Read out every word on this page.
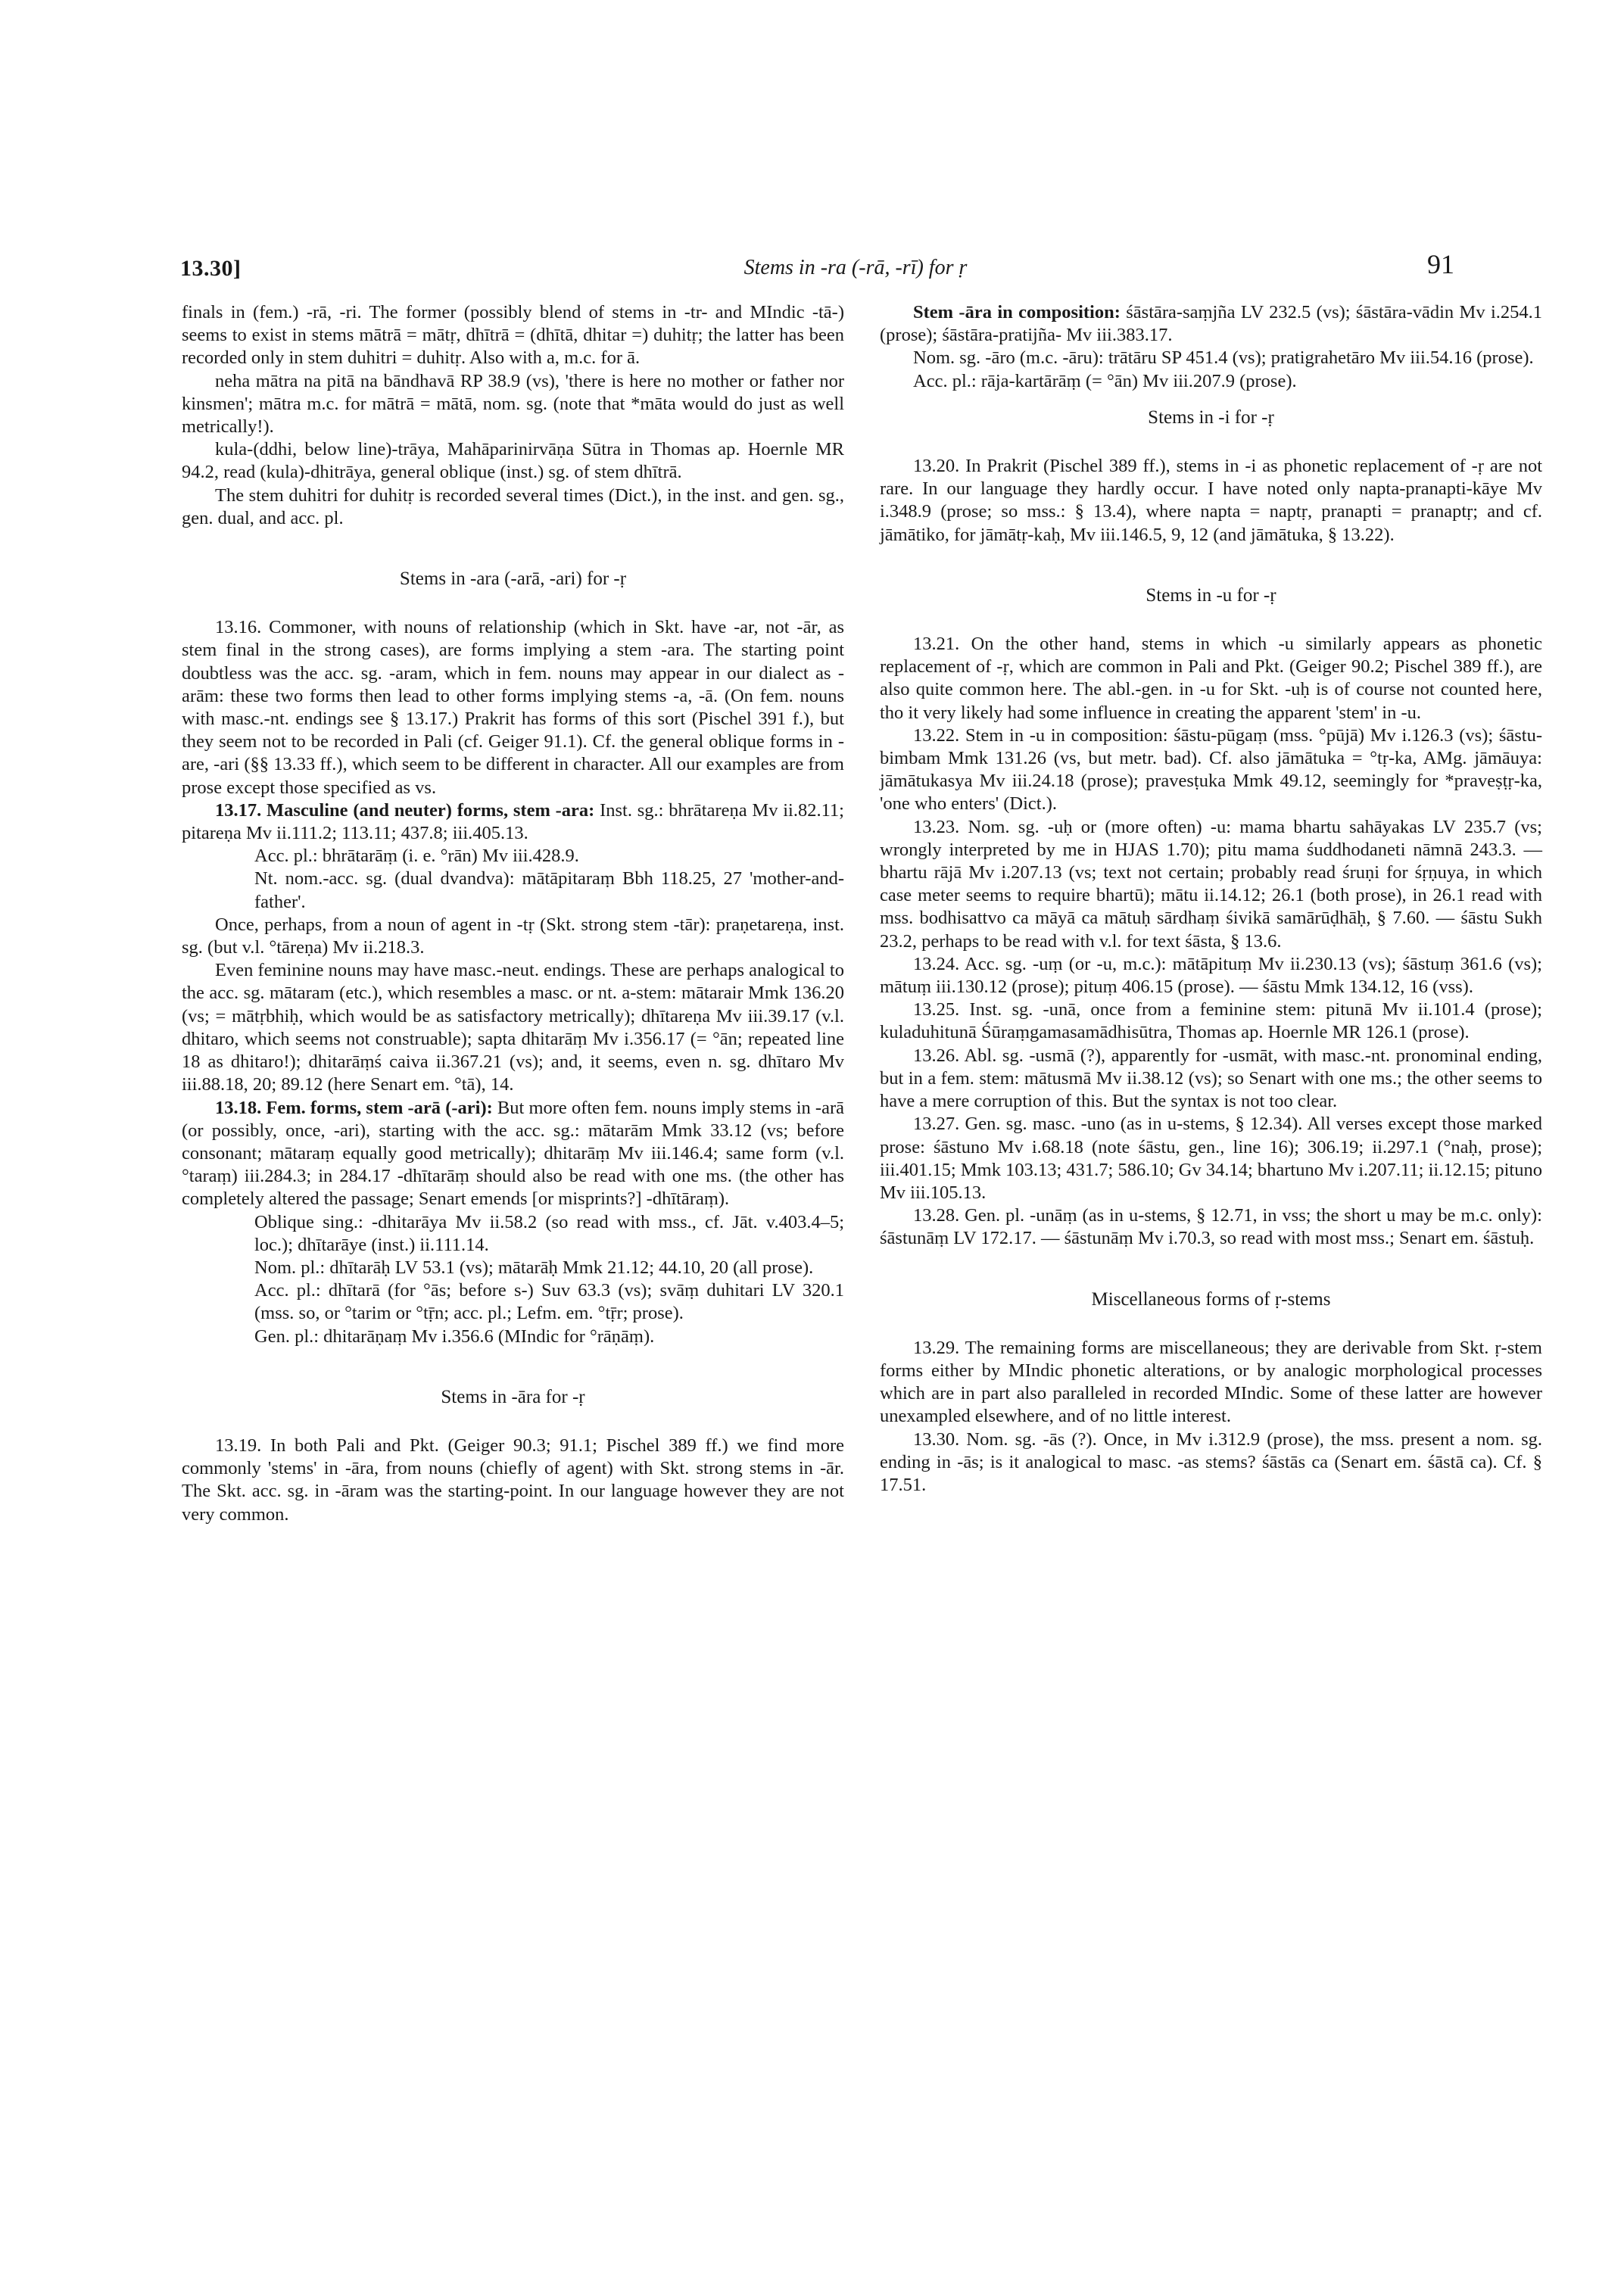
13.30]	Stems in -ra (-rā, -rī) for ṛ	91

finals in (fem.) -rā, -ri. The former (possibly blend of stems in -tr- and MIndic -tā-) seems to exist in stems mātrā = mātṛ, dhītrā = (dhītā, dhitar =) duhitṛ; the latter has been recorded only in stem duhitri = duhitṛ. Also with a, m.c. for ā.

neha mātra na pitā na bāndhavā RP 38.9 (vs), 'there is here no mother or father nor kinsmen'; mātra m.c. for mātrā = mātā, nom. sg. (note that *māta would do just as well metrically!).

kula-(ddhi, below line)-trāya, Mahāparinirvāṇa Sūtra in Thomas ap. Hoernle MR 94.2, read (kula)-dhitrāya, general oblique (inst.) sg. of stem dhītrā.

The stem duhitri for duhitṛ is recorded several times (Dict.), in the inst. and gen. sg., gen. dual, and acc. pl.

Stems in -ara (-arā, -ari) for -ṛ

13.16. Commoner, with nouns of relationship (which in Skt. have -ar, not -ār, as stem final in the strong cases), are forms implying a stem -ara. The starting point doubtless was the acc. sg. -aram, which in fem. nouns may appear in our dialect as -arām: these two forms then lead to other forms implying stems -a, -ā. (On fem. nouns with masc.-nt. endings see § 13.17.) Prakrit has forms of this sort (Pischel 391 f.), but they seem not to be recorded in Pali (cf. Geiger 91.1). Cf. the general oblique forms in -are, -ari (§§ 13.33 ff.), which seem to be different in character. All our examples are from prose except those specified as vs.

13.17. Masculine (and neuter) forms, stem -ara: Inst. sg.: bhrātareṇa Mv ii.82.11; pitareṇa Mv ii.111.2; 113.11; 437.8; iii.405.13.

Acc. pl.: bhrātarāṃ (i. e. °rān) Mv iii.428.9.

Nt. nom.-acc. sg. (dual dvandva): mātāpitaraṃ Bbh 118.25, 27 'mother-and-father'.

Once, perhaps, from a noun of agent in -tṛ (Skt. strong stem -tār): praṇetareṇa, inst. sg. (but v.l. °tāreṇa) Mv ii.218.3.

Even feminine nouns may have masc.-neut. endings. These are perhaps analogical to the acc. sg. mātaram (etc.), which resembles a masc. or nt. a-stem: mātarair Mmk 136.20 (vs; = mātṛbhiḥ, which would be as satisfactory metrically); dhītareṇa Mv iii.39.17 (v.l. dhitaro, which seems not construable); sapta dhitarāṃ Mv i.356.17 (= °ān; repeated line 18 as dhitaro!); dhitarāṃś caiva ii.367.21 (vs); and, it seems, even n. sg. dhītaro Mv iii.88.18, 20; 89.12 (here Senart em. °tā), 14.

13.18. Fem. forms, stem -arā (-ari): But more often fem. nouns imply stems in -arā (or possibly, once, -ari), starting with the acc. sg.: mātarām Mmk 33.12 (vs; before consonant; mātaraṃ equally good metrically); dhitarāṃ Mv iii.146.4; same form (v.l. °taraṃ) iii.284.3; in 284.17 -dhītarāṃ should also be read with one ms. (the other has completely altered the passage; Senart emends [or misprints?] -dhītāraṃ).

Oblique sing.: -dhitarāya Mv ii.58.2 (so read with mss., cf. Jāt. v.403.4–5; loc.); dhītarāye (inst.) ii.111.14.

Nom. pl.: dhītarāḥ LV 53.1 (vs); mātarāḥ Mmk 21.12; 44.10, 20 (all prose).

Acc. pl.: dhītarā (for °ās; before s-) Suv 63.3 (vs); svāṃ duhitari LV 320.1 (mss. so, or °tarim or °tṝn; acc. pl.; Lefm. em. °tṝr; prose).

Gen. pl.: dhitarāṇaṃ Mv i.356.6 (MIndic for °rāṇāṃ).

Stems in -āra for -ṛ

13.19. In both Pali and Pkt. (Geiger 90.3; 91.1; Pischel 389 ff.) we find more commonly 'stems' in -āra, from nouns (chiefly of agent) with Skt. strong stems in -ār. The Skt. acc. sg. in -āram was the starting-point. In our language however they are not very common.

Stem -āra in composition: śāstāra-saṃjña LV 232.5 (vs); śāstāra-vādin Mv i.254.1 (prose); śāstāra-pratijña- Mv iii.383.17.

Nom. sg. -āro (m.c. -āru): trātāru SP 451.4 (vs); pratigrahetāro Mv iii.54.16 (prose).

Acc. pl.: rāja-kartārāṃ (= °ān) Mv iii.207.9 (prose).

Stems in -i for -ṛ

13.20. In Prakrit (Pischel 389 ff.), stems in -i as phonetic replacement of -ṛ are not rare. In our language they hardly occur. I have noted only napta-pranapti-kāye Mv i.348.9 (prose; so mss.: § 13.4), where napta = naptṛ, pranapti = pranaptṛ; and cf. jāmātiko, for jāmātṛ-kaḥ, Mv iii.146.5, 9, 12 (and jāmātuka, § 13.22).

Stems in -u for -ṛ

13.21. On the other hand, stems in which -u similarly appears as phonetic replacement of -ṛ, which are common in Pali and Pkt. (Geiger 90.2; Pischel 389 ff.), are also quite common here. The abl.-gen. in -u for Skt. -uḥ is of course not counted here, tho it very likely had some influence in creating the apparent 'stem' in -u.

13.22. Stem in -u in composition: śāstu-pūgaṃ (mss. °pūjā) Mv i.126.3 (vs); śāstu-bimbam Mmk 131.26 (vs, but metr. bad). Cf. also jāmātuka = °tṛ-ka, AMg. jāmāuya: jāmātukasya Mv iii.24.18 (prose); pravesṭuka Mmk 49.12, seemingly for *praveṣṭṛ-ka, 'one who enters' (Dict.).

13.23. Nom. sg. -uḥ or (more often) -u: mama bhartu sahāyakas LV 235.7 (vs; wrongly interpreted by me in HJAS 1.70); pitu mama śuddhodaneti nāmnā 243.3. — bhartu rājā Mv i.207.13 (vs; text not certain; probably read śruṇi for śṛṇuya, in which case meter seems to require bhartū); mātu ii.14.12; 26.1 (both prose), in 26.1 read with mss. bodhisattvo ca māyā ca mātuḥ sārdhaṃ śivikā samārūḍhāḥ, § 7.60. — śāstu Sukh 23.2, perhaps to be read with v.l. for text śāsta, § 13.6.

13.24. Acc. sg. -uṃ (or -u, m.c.): mātāpituṃ Mv ii.230.13 (vs); śāstuṃ 361.6 (vs); mātuṃ iii.130.12 (prose); pituṃ 406.15 (prose). — śāstu Mmk 134.12, 16 (vss).

13.25. Inst. sg. -unā, once from a feminine stem: pitunā Mv ii.101.4 (prose); kuladuhitunā Śūraṃgamasamādhisūtra, Thomas ap. Hoernle MR 126.1 (prose).

13.26. Abl. sg. -usmā (?), apparently for -usmāt, with masc.-nt. pronominal ending, but in a fem. stem: mātusmā Mv ii.38.12 (vs); so Senart with one ms.; the other seems to have a mere corruption of this. But the syntax is not too clear.

13.27. Gen. sg. masc. -uno (as in u-stems, § 12.34). All verses except those marked prose: śāstuno Mv i.68.18 (note śāstu, gen., line 16); 306.19; ii.297.1 (°naḥ, prose); iii.401.15; Mmk 103.13; 431.7; 586.10; Gv 34.14; bhartuno Mv i.207.11; ii.12.15; pituno Mv iii.105.13.

13.28. Gen. pl. -unāṃ (as in u-stems, § 12.71, in vss; the short u may be m.c. only): śāstunāṃ LV 172.17. — śāstunāṃ Mv i.70.3, so read with most mss.; Senart em. śāstuḥ.

Miscellaneous forms of ṛ-stems

13.29. The remaining forms are miscellaneous; they are derivable from Skt. ṛ-stem forms either by MIndic phonetic alterations, or by analogic morphological processes which are in part also paralleled in recorded MIndic. Some of these latter are however unexampled elsewhere, and of no little interest.

13.30. Nom. sg. -ās (?). Once, in Mv i.312.9 (prose), the mss. present a nom. sg. ending in -ās; is it analogical to masc. -as stems? śāstās ca (Senart em. śāstā ca). Cf. § 17.51.
